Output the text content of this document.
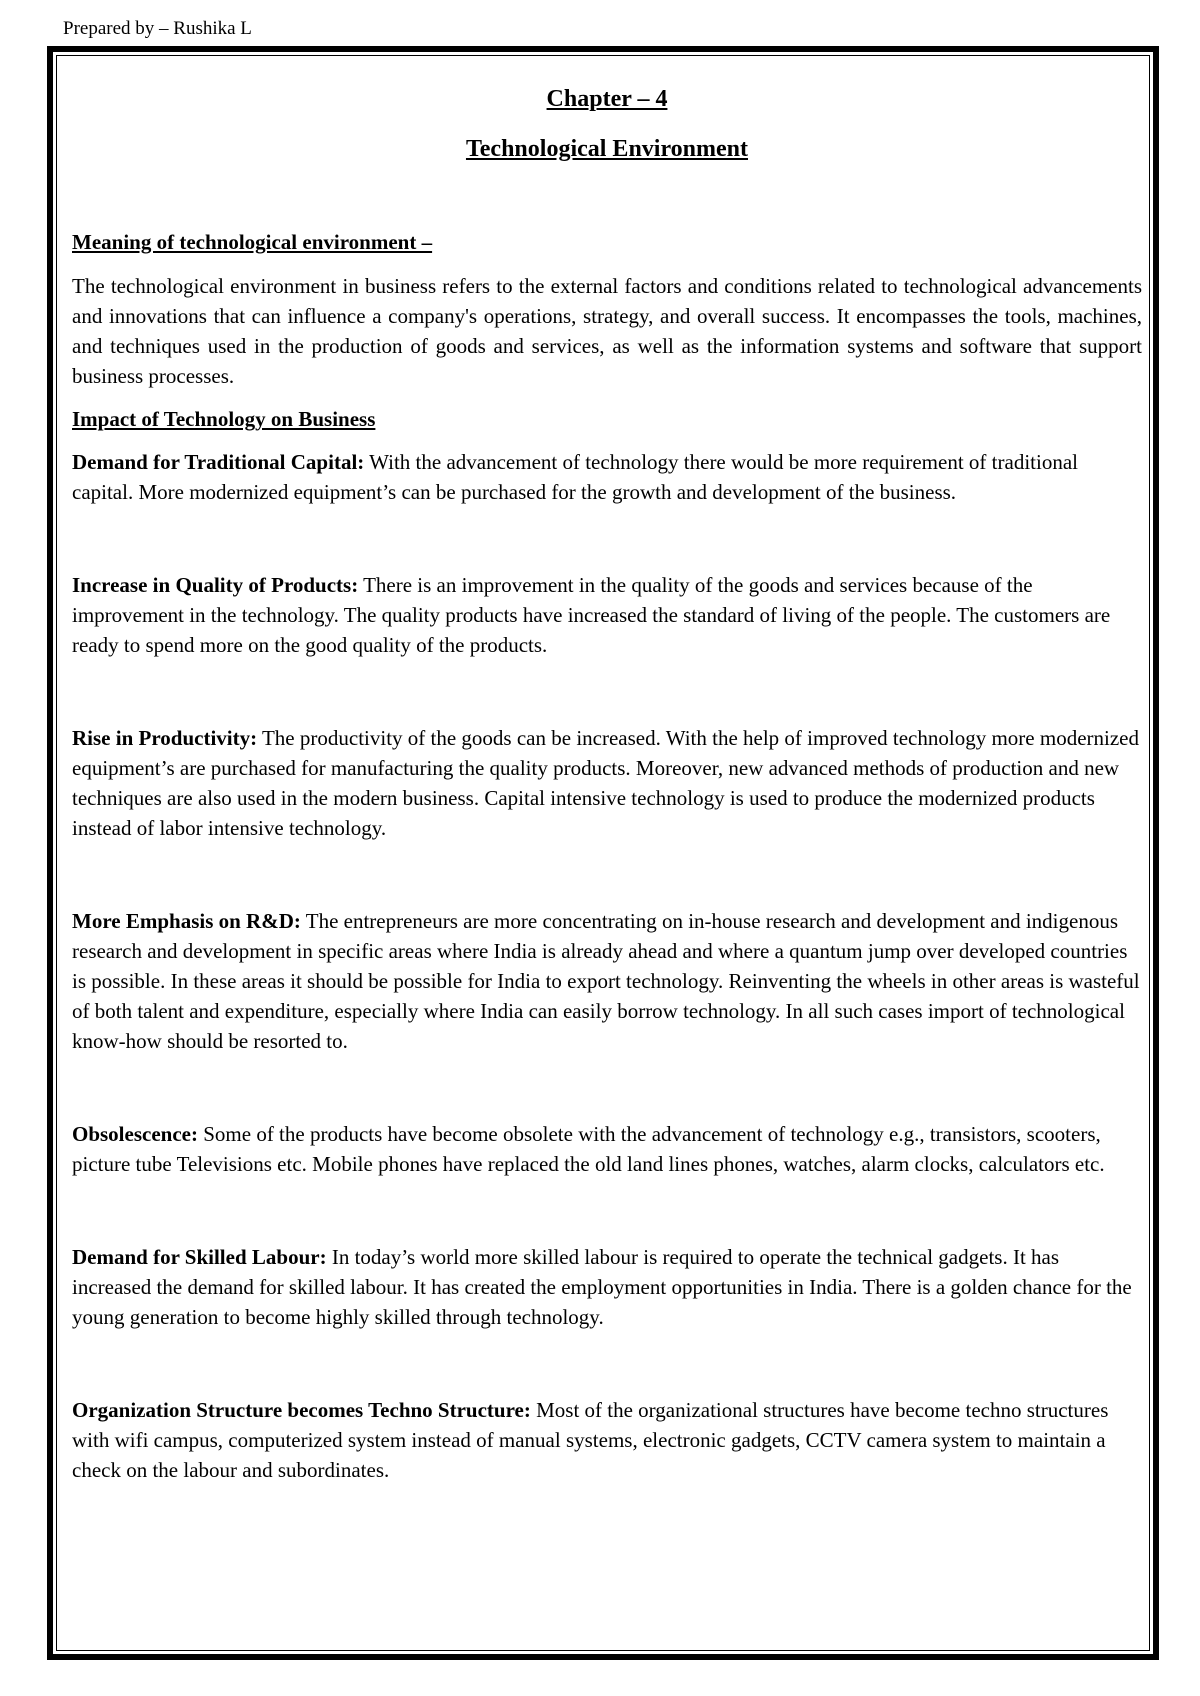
Prepared by – Rushika L

Chapter – 4

Technological Environment

Meaning of technological environment –

The technological environment in business refers to the external factors and conditions related to technological advancements and innovations that can influence a company's operations, strategy, and overall success. It encompasses the tools, machines, and techniques used in the production of goods and services, as well as the information systems and software that support business processes.

Impact of Technology on Business

Demand for Traditional Capital: With the advancement of technology there would be more requirement of traditional capital. More modernized equipment’s can be purchased for the growth and development of the business.

Increase in Quality of Products: There is an improvement in the quality of the goods and services because of the improvement in the technology. The quality products have increased the standard of living of the people. The customers are ready to spend more on the good quality of the products.

Rise in Productivity: The productivity of the goods can be increased. With the help of improved technology more modernized equipment’s are purchased for manufacturing the quality products. Moreover, new advanced methods of production and new techniques are also used in the modern business. Capital intensive technology is used to produce the modernized products instead of labor intensive technology.

More Emphasis on R&D: The entrepreneurs are more concentrating on in-house research and development and indigenous research and development in specific areas where India is already ahead and where a quantum jump over developed countries is possible. In these areas it should be possible for India to export technology. Reinventing the wheels in other areas is wasteful of both talent and expenditure, especially where India can easily borrow technology. In all such cases import of technological know-how should be resorted to.

Obsolescence: Some of the products have become obsolete with the advancement of technology e.g., transistors, scooters, picture tube Televisions etc. Mobile phones have replaced the old land lines phones, watches, alarm clocks, calculators etc.

Demand for Skilled Labour: In today’s world more skilled labour is required to operate the technical gadgets. It has increased the demand for skilled labour. It has created the employment opportunities in India. There is a golden chance for the young generation to become highly skilled through technology.

Organization Structure becomes Techno Structure: Most of the organizational structures have become techno structures with wifi campus, computerized system instead of manual systems, electronic gadgets, CCTV camera system to maintain a check on the labour and subordinates.
